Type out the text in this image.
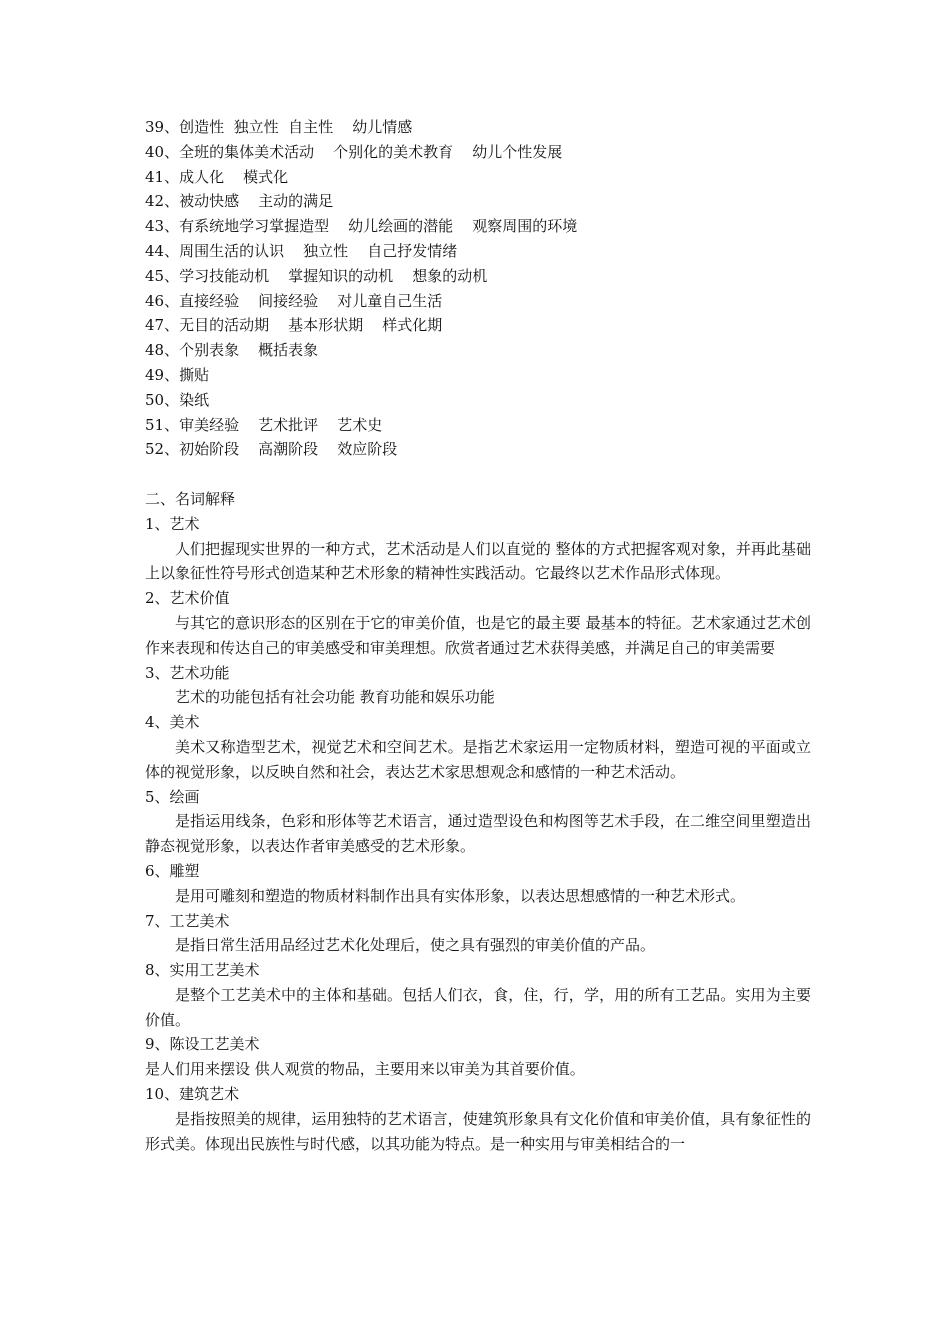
39、创造性  独立性  自主性    幼儿情感

40、全班的集体美术活动    个别化的美术教育    幼儿个性发展

41、成人化    模式化

42、被动快感    主动的满足

43、有系统地学习掌握造型    幼儿绘画的潜能    观察周围的环境

44、周围生活的认识    独立性    自己抒发情绪

45、学习技能动机    掌握知识的动机    想象的动机

46、直接经验    间接经验    对儿童自己生活

47、无目的活动期    基本形状期    样式化期

48、个别表象    概括表象

49、撕贴

50、染纸

51、审美经验    艺术批评    艺术史

52、初始阶段    高潮阶段    效应阶段

二、名词解释

1、艺术

人们把握现实世界的一种方式，艺术活动是人们以直觉的 整体的方式把握客观对象，并再此基础上以象征性符号形式创造某种艺术形象的精神性实践活动。它最终以艺术作品形式体现。

2、艺术价值

与其它的意识形态的区别在于它的审美价值，也是它的最主要 最基本的特征。艺术家通过艺术创作来表现和传达自己的审美感受和审美理想。欣赏者通过艺术获得美感，并满足自己的审美需要

3、艺术功能

艺术的功能包括有社会功能 教育功能和娱乐功能

4、美术

美术又称造型艺术，视觉艺术和空间艺术。是指艺术家运用一定物质材料，塑造可视的平面或立体的视觉形象，以反映自然和社会，表达艺术家思想观念和感情的一种艺术活动。

5、绘画

是指运用线条，色彩和形体等艺术语言，通过造型设色和构图等艺术手段，在二维空间里塑造出静态视觉形象，以表达作者审美感受的艺术形象。

6、雕塑

是用可雕刻和塑造的物质材料制作出具有实体形象，以表达思想感情的一种艺术形式。

7、工艺美术

是指日常生活用品经过艺术化处理后，使之具有强烈的审美价值的产品。

8、实用工艺美术

是整个工艺美术中的主体和基础。包括人们衣，食，住，行，学，用的所有工艺品。实用为主要价值。

9、陈设工艺美术

是人们用来摆设 供人观赏的物品，主要用来以审美为其首要价值。

10、建筑艺术

是指按照美的规律，运用独特的艺术语言，使建筑形象具有文化价值和审美价值，具有象征性的形式美。体现出民族性与时代感，以其功能为特点。是一种实用与审美相结合的一
